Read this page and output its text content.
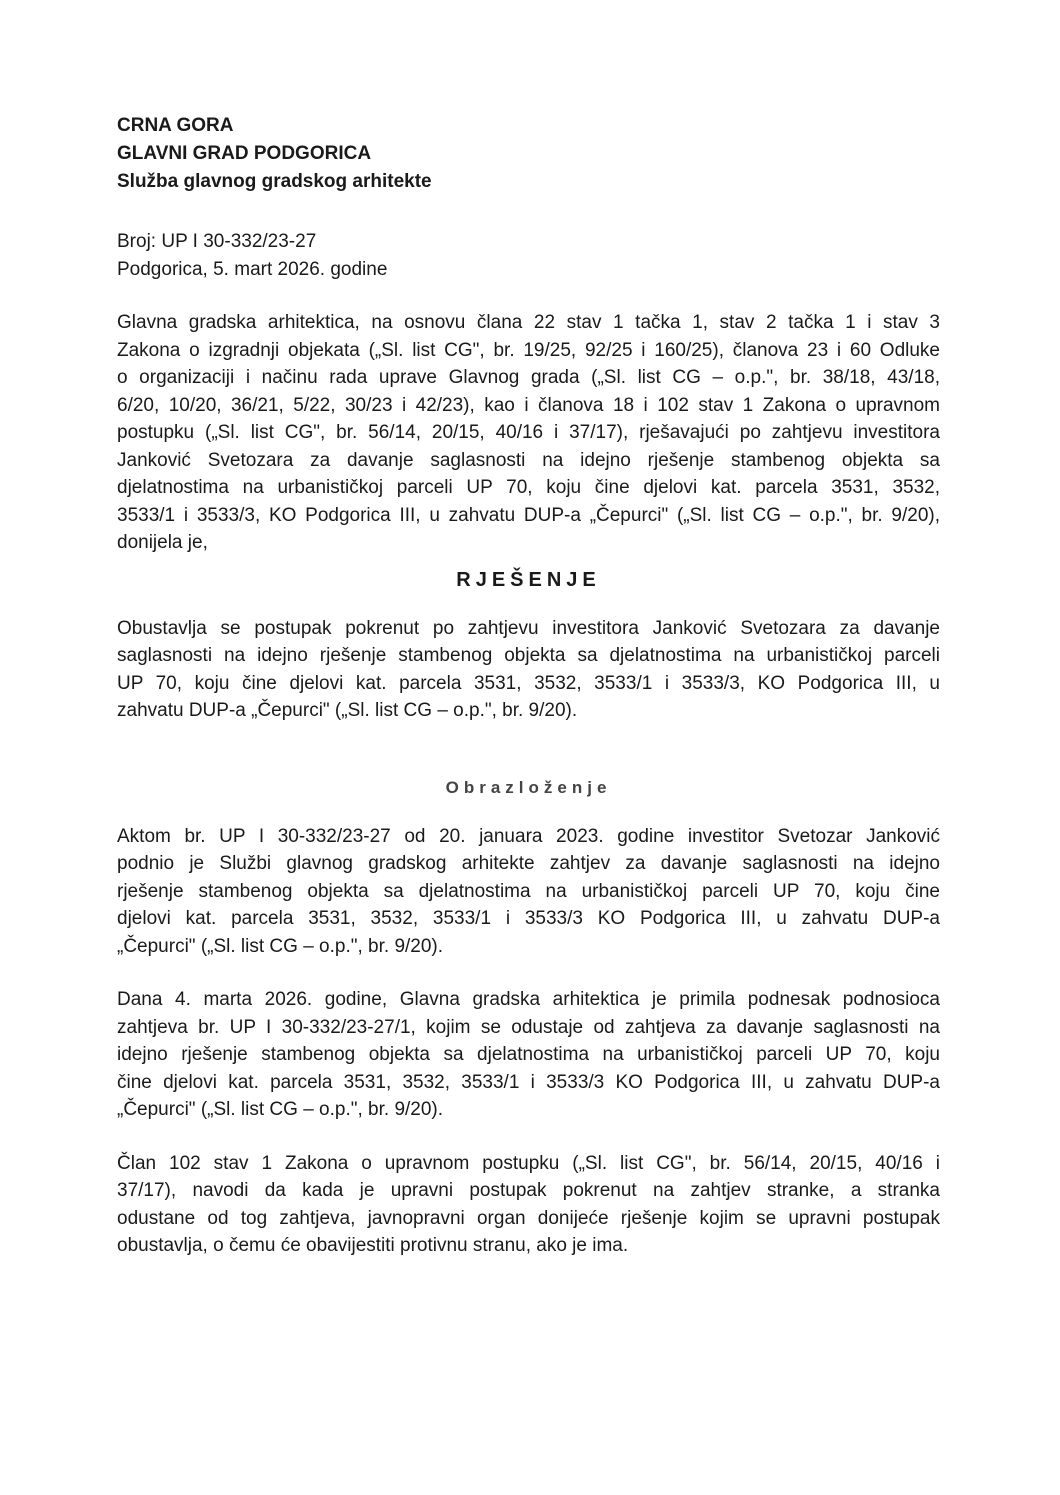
CRNA GORA

GLAVNI GRAD PODGORICA

Služba glavnog gradskog arhitekte

Broj: UP I 30-332/23-27
Podgorica, 5. mart 2026. godine
Glavna gradska arhitektica, na osnovu člana 22 stav 1 tačka 1, stav 2 tačka 1 i stav 3
Zakona o izgradnji objekata („Sl. list CG", br. 19/25, 92/25 i 160/25), članova 23 i 60 Odluke
o organizaciji i načinu rada uprave Glavnog grada („Sl. list CG – o.p.", br. 38/18, 43/18,
6/20, 10/20, 36/21, 5/22, 30/23 i 42/23), kao i članova 18 i 102 stav 1 Zakona o upravnom
postupku („Sl. list CG", br. 56/14, 20/15, 40/16 i 37/17), rješavajući po zahtjevu investitora
Janković Svetozara za davanje saglasnosti na idejno rješenje stambenog objekta sa
djelatnostima na urbanističkoj parceli UP 70, koju čine djelovi kat. parcela 3531, 3532,
3533/1 i 3533/3, KO Podgorica III, u zahvatu DUP-a „Čepurci" („Sl. list CG – o.p.", br. 9/20),
donijela je,
RJEŠENJE
Obustavlja se postupak pokrenut po zahtjevu investitora Janković Svetozara za davanje
saglasnosti na idejno rješenje stambenog objekta sa djelatnostima na urbanističkoj parceli
UP 70, koju čine djelovi kat. parcela 3531, 3532, 3533/1 i 3533/3, KO Podgorica III, u
zahvatu DUP-a „Čepurci" („Sl. list CG – o.p.", br. 9/20).
Obrazloženje
Aktom br. UP I 30-332/23-27 od 20. januara 2023. godine investitor Svetozar Janković
podnio je Službi glavnog gradskog arhitekte zahtjev za davanje saglasnosti na idejno
rješenje stambenog objekta sa djelatnostima na urbanističkoj parceli UP 70, koju čine
djelovi kat. parcela 3531, 3532, 3533/1 i 3533/3 KO Podgorica III, u zahvatu DUP-a
„Čepurci" („Sl. list CG – o.p.", br. 9/20).
Dana 4. marta 2026. godine, Glavna gradska arhitektica je primila podnesak podnosioca
zahtjeva br. UP I 30-332/23-27/1, kojim se odustaje od zahtjeva za davanje saglasnosti na
idejno rješenje stambenog objekta sa djelatnostima na urbanističkoj parceli UP 70, koju
čine djelovi kat. parcela 3531, 3532, 3533/1 i 3533/3 KO Podgorica III, u zahvatu DUP-a
„Čepurci" („Sl. list CG – o.p.", br. 9/20).
Član 102 stav 1 Zakona o upravnom postupku („Sl. list CG", br. 56/14, 20/15, 40/16 i
37/17), navodi da kada je upravni postupak pokrenut na zahtjev stranke, a stranka
odustane od tog zahtjeva, javnopravni organ donijeće rješenje kojim se upravni postupak
obustavlja, o čemu će obavijestiti protivnu stranu, ako je ima.
